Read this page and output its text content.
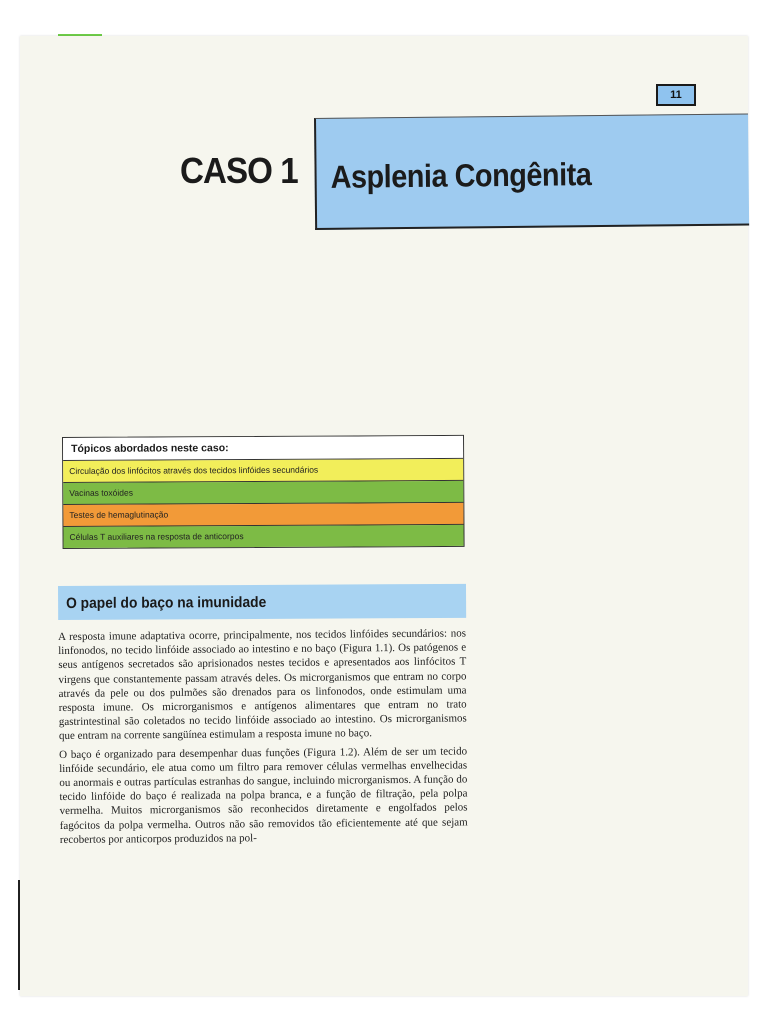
11
CASO 1 Asplenia Congênita
Tópicos abordados neste caso:
Circulação dos linfócitos através dos tecidos linfóides secundários
Vacinas toxóides
Testes de hemaglutinação
Células T auxiliares na resposta de anticorpos
O papel do baço na imunidade

A resposta imune adaptativa ocorre, principalmente, nos tecidos linfóides secundários: nos linfonodos, no tecido linfóide associado ao intestino e no baço (Figura 1.1). Os patógenos e seus antígenos secretados são aprisionados nestes tecidos e apresentados aos linfócitos T virgens que constantemente passam através deles. Os microrganismos que entram no corpo através da pele ou dos pulmões são drenados para os linfonodos, onde estimulam uma resposta imune. Os microrganismos e antígenos alimentares que entram no trato gastrintestinal são coletados no tecido linfóide associado ao intestino. Os microrganismos que entram na corrente sangüínea estimulam a resposta imune no baço.

O baço é organizado para desempenhar duas funções (Figura 1.2). Além de ser um tecido linfóide secundário, ele atua como um filtro para remover células vermelhas envelhecidas ou anormais e outras partículas estranhas do sangue, incluindo microrganismos. A função do tecido linfóide do baço é realizada na polpa branca, e a função de filtração, pela polpa vermelha. Muitos microrganismos são reconhecidos diretamente e engolfados pelos fagócitos da polpa vermelha. Outros não são removidos tão eficientemente até que sejam recobertos por anticorpos produzidos na pol-
